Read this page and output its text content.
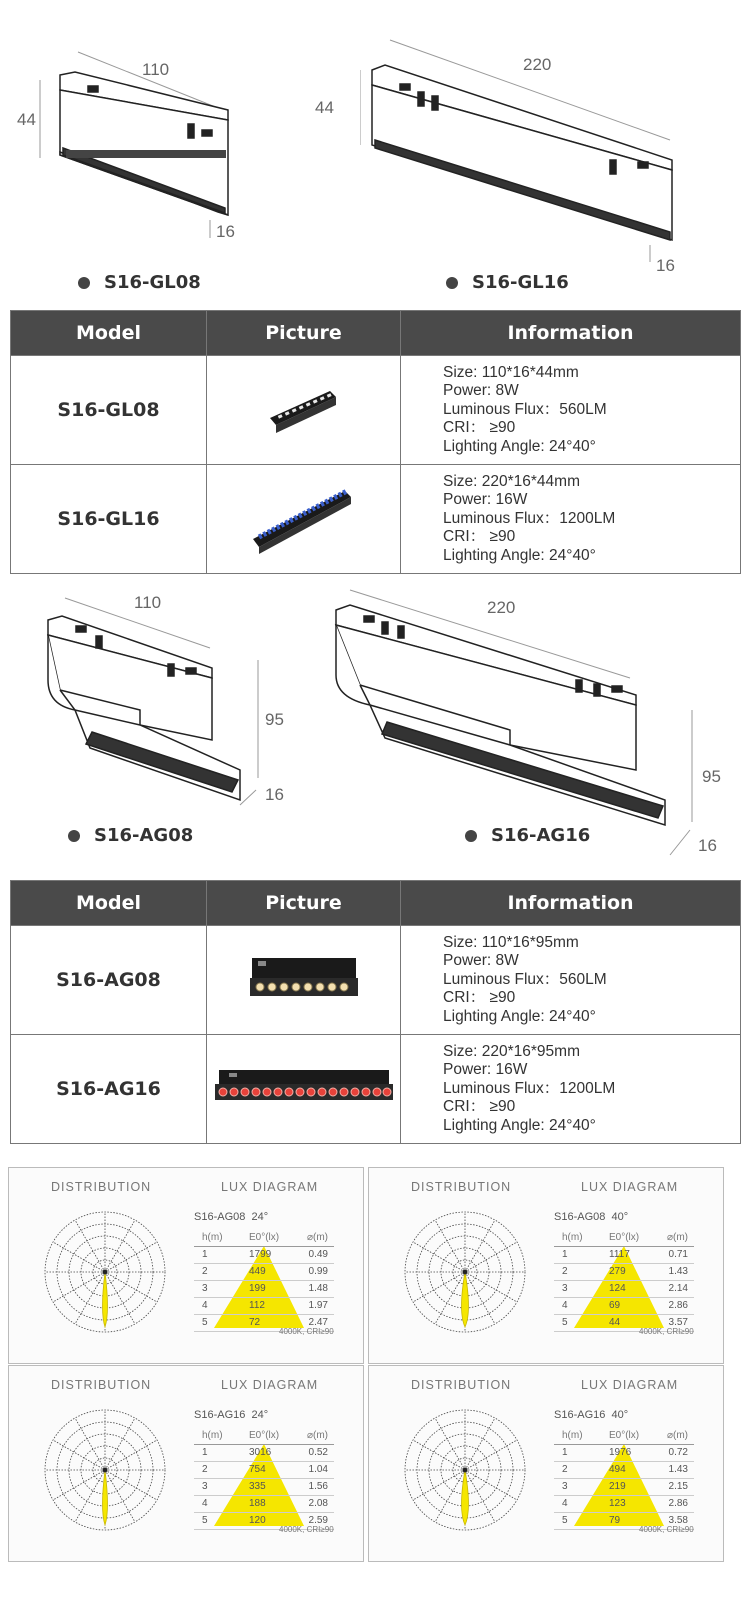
110
44
16
S16-GL08
220
44
16
S16-GL16
Model	Picture	Information
S16-GL08		Size: 110*16*44mm
Power: 8W
Luminous Flux：560LM
CRI： ≥90
Lighting Angle: 24°40°

S16-GL16		Size: 220*16*44mm
Power: 16W
Luminous Flux：1200LM
CRI： ≥90
Lighting Angle: 24°40°
110
95
16
S16-AG08
220
95
16
S16-AG16
Model	Picture	Information
S16-AG08		Size: 110*16*95mm
Power: 8W
Luminous Flux：560LM
CRI： ≥90
Lighting Angle: 24°40°

S16-AG16		Size: 220*16*95mm
Power: 16W
Luminous Flux：1200LM
CRI： ≥90
Lighting Angle: 24°40°
DISTRIBUTION	LUX DIAGRAM
S16-AG08 24°
h(m)	E0°(lx)	⌀(m)
1	1799	0.49
2	449	0.99
3	199	1.48
4	112	1.97
5	72	2.47
4000K, CRI≥90
DISTRIBUTION	LUX DIAGRAM
S16-AG08 40°
h(m)	E0°(lx)	⌀(m)
1	1117	0.71
2	279	1.43
3	124	2.14
4	69	2.86
5	44	3.57
4000K, CRI≥90
DISTRIBUTION	LUX DIAGRAM
S16-AG16 24°
h(m)	E0°(lx)	⌀(m)
1	3016	0.52
2	754	1.04
3	335	1.56
4	188	2.08
5	120	2.59
4000K, CRI≥90
DISTRIBUTION	LUX DIAGRAM
S16-AG16 40°
h(m)	E0°(lx)	⌀(m)
1	1976	0.72
2	494	1.43
3	219	2.15
4	123	2.86
5	79	3.58
4000K, CRI≥90
